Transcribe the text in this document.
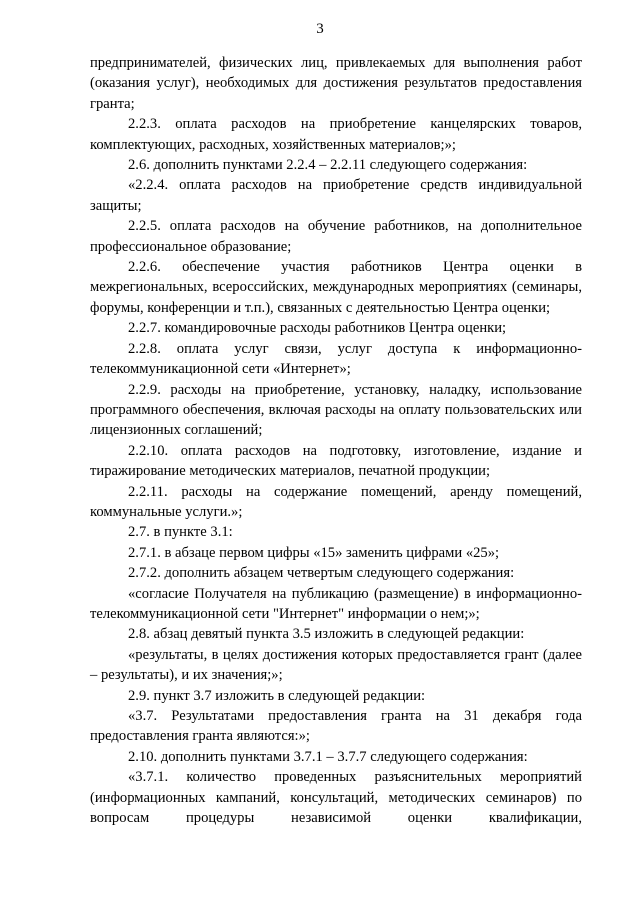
3

предпринимателей, физических лиц, привлекаемых для выполнения работ (оказания услуг), необходимых для достижения результатов предоставления гранта;

2.2.3. оплата расходов на приобретение канцелярских товаров, комплектующих, расходных, хозяйственных материалов;»;

2.6. дополнить пунктами 2.2.4 – 2.2.11 следующего содержания:

«2.2.4. оплата расходов на приобретение средств индивидуальной защиты;

2.2.5. оплата расходов на обучение работников, на дополнительное профессиональное образование;

2.2.6. обеспечение участия работников Центра оценки в межрегиональных, всероссийских, международных мероприятиях (семинары, форумы, конференции и т.п.), связанных с деятельностью Центра оценки;

2.2.7. командировочные расходы работников Центра оценки;

2.2.8. оплата услуг связи, услуг доступа к информационно-телекоммуникационной сети «Интернет»;

2.2.9. расходы на приобретение, установку, наладку, использование программного обеспечения, включая расходы на оплату пользовательских или лицензионных соглашений;

2.2.10. оплата расходов на подготовку, изготовление, издание и тиражирование методических материалов, печатной продукции;

2.2.11. расходы на содержание помещений, аренду помещений, коммунальные услуги.»;

2.7. в пункте 3.1:

2.7.1. в абзаце первом цифры «15» заменить цифрами «25»;

2.7.2. дополнить абзацем четвертым следующего содержания:

«согласие Получателя на публикацию (размещение) в информационно-телекоммуникационной сети "Интернет" информации о нем;»;

2.8. абзац девятый пункта 3.5 изложить в следующей редакции:

«результаты, в целях достижения которых предоставляется грант (далее – результаты), и их значения;»;

2.9. пункт 3.7 изложить в следующей редакции:

«3.7. Результатами предоставления гранта на 31 декабря года предоставления гранта являются:»;

2.10. дополнить пунктами 3.7.1 – 3.7.7 следующего содержания:

«3.7.1. количество проведенных разъяснительных мероприятий (информационных кампаний, консультаций, методических семинаров) по вопросам процедуры независимой оценки квалификации,
